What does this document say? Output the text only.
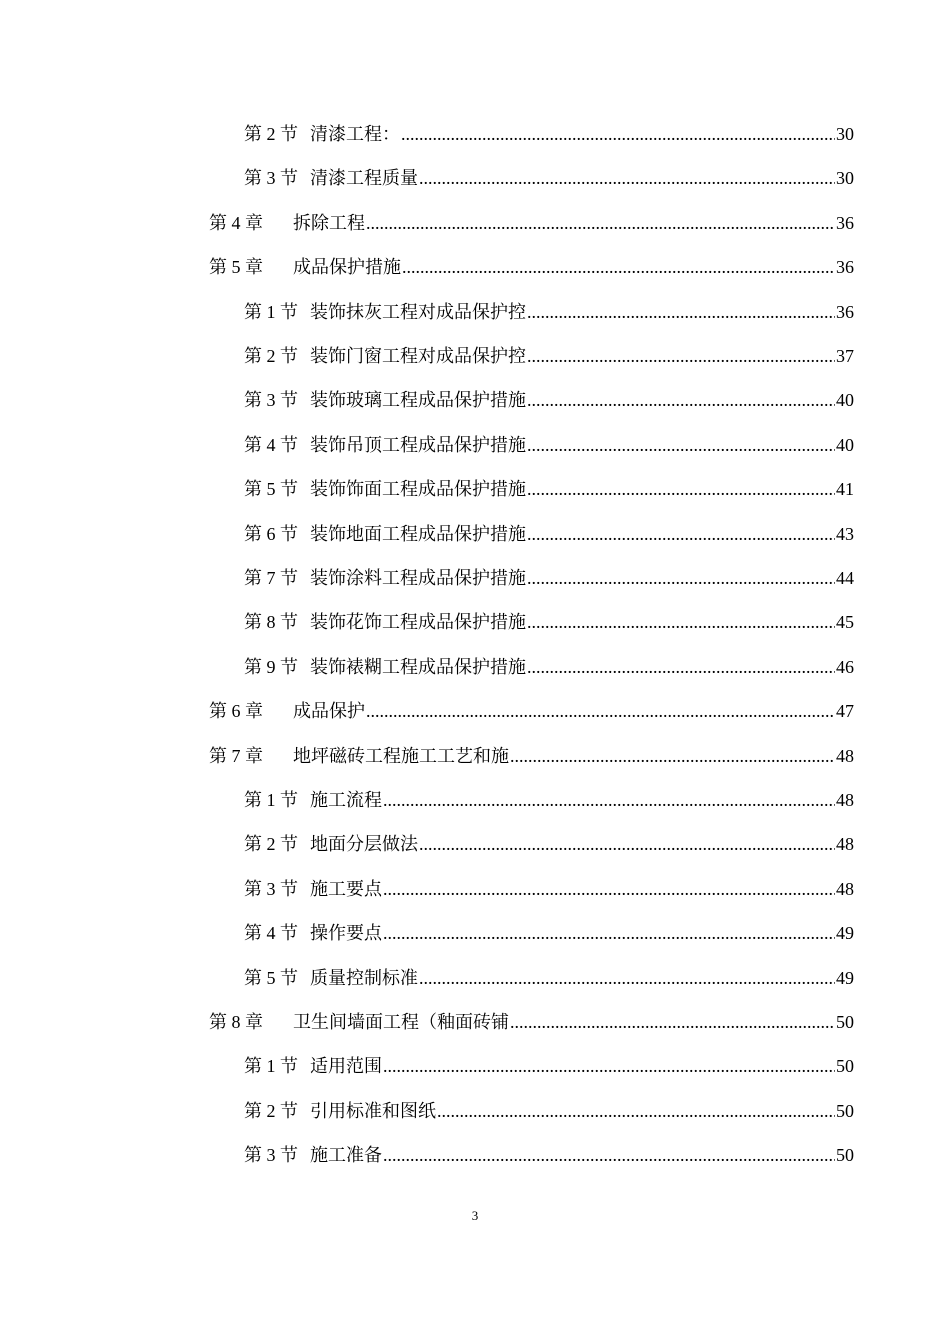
第 2 节 清漆工程： .....	30
第 3 节 清漆工程质量 .....	30
第 4 章	拆除工程 .....	36
第 5 章	成品保护措施 .....	36
第 1 节 装饰抹灰工程对成品保护控 .....	36
第 2 节 装饰门窗工程对成品保护控 .....	37
第 3 节 装饰玻璃工程成品保护措施 .....	40
第 4 节 装饰吊顶工程成品保护措施 .....	40
第 5 节 装饰饰面工程成品保护措施 .....	41
第 6 节 装饰地面工程成品保护措施 .....	43
第 7 节 装饰涂料工程成品保护措施 .....	44
第 8 节 装饰花饰工程成品保护措施 .....	45
第 9 节 装饰裱糊工程成品保护措施 .....	46
第 6 章	成品保护 .....	47
第 7 章	地坪磁砖工程施工工艺和施 .....	48
第 1 节 施工流程 .....	48
第 2 节 地面分层做法 .....	48
第 3 节 施工要点 .....	48
第 4 节 操作要点 .....	49
第 5 节 质量控制标准 .....	49
第 8 章	卫生间墙面工程（釉面砖铺 .....	50
第 1 节 适用范围 .....	50
第 2 节 引用标准和图纸 .....	50
第 3 节 施工准备 .....	50
3
